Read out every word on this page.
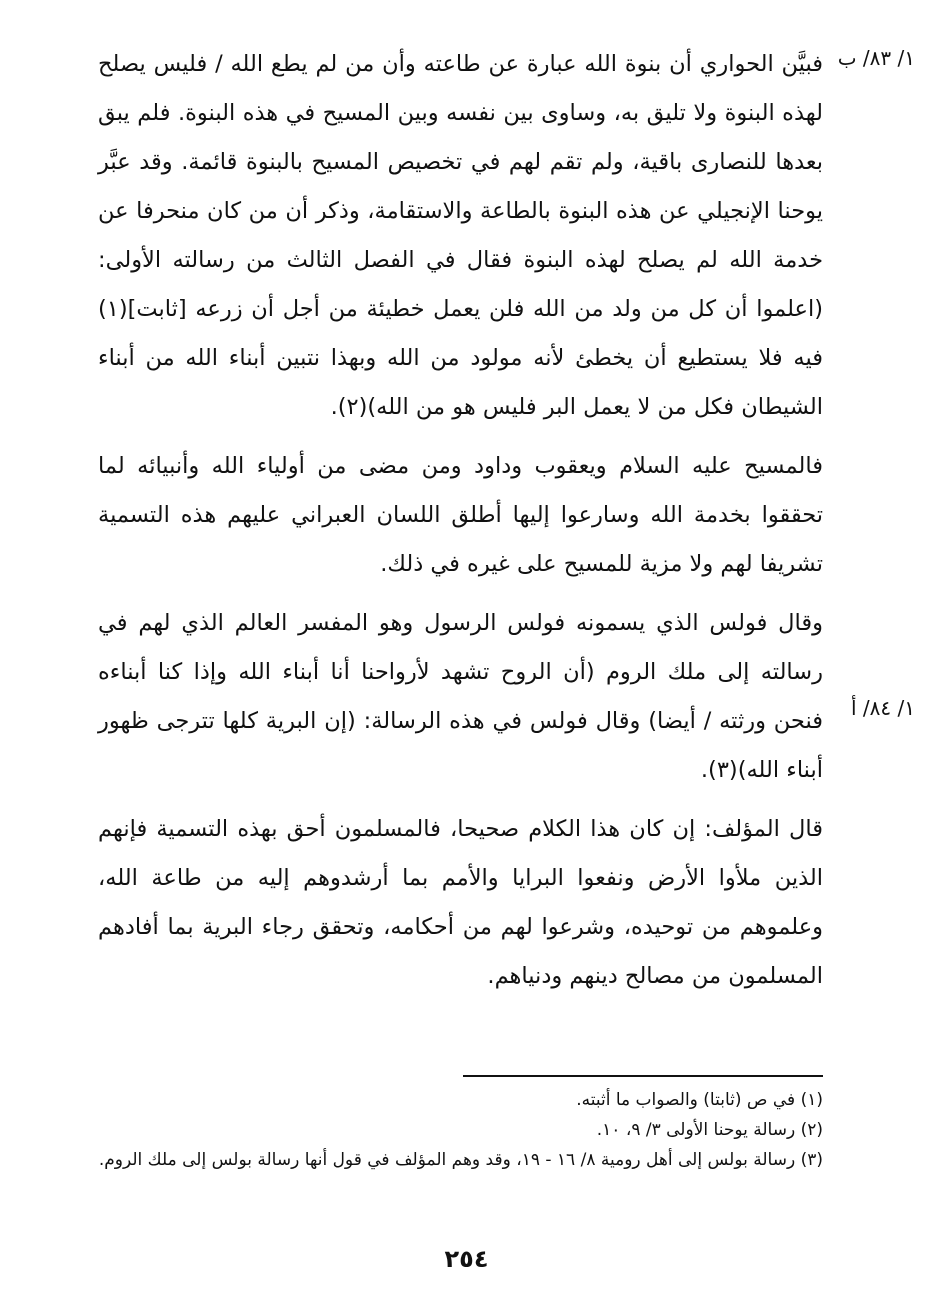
١/ ٨٣/ ب
١/ ٨٤/ أ

فبيَّن الحواري أن بنوة الله عبارة عن طاعته وأن من لم يطع الله / فليس يصلح لهذه البنوة ولا تليق به، وساوى بين نفسه وبين المسيح في هذه البنوة. فلم يبق بعدها للنصارى باقية، ولم تقم لهم في تخصيص المسيح بالبنوة قائمة. وقد عبَّر يوحنا الإنجيلي عن هذه البنوة بالطاعة والاستقامة، وذكر أن من كان منحرفا عن خدمة الله لم يصلح لهذه البنوة فقال في الفصل الثالث من رسالته الأولى: (اعلموا أن كل من ولد من الله فلن يعمل خطيئة من أجل أن زرعه [ثابت](١) فيه فلا يستطيع أن يخطئ لأنه مولود من الله وبهذا نتبين أبناء الله من أبناء الشيطان فكل من لا يعمل البر فليس هو من الله)(٢).

فالمسيح عليه السلام ويعقوب وداود ومن مضى من أولياء الله وأنبيائه لما تحققوا بخدمة الله وسارعوا إليها أطلق اللسان العبراني عليهم هذه التسمية تشريفا لهم ولا مزية للمسيح على غيره في ذلك.

وقال فولس الذي يسمونه فولس الرسول وهو المفسر العالم الذي لهم في رسالته إلى ملك الروم (أن الروح تشهد لأرواحنا أنا أبناء الله وإذا كنا أبناءه فنحن ورثته / أيضا) وقال فولس في هذه الرسالة: (إن البرية كلها تترجى ظهور أبناء الله)(٣).

قال المؤلف: إن كان هذا الكلام صحيحا، فالمسلمون أحق بهذه التسمية فإنهم الذين ملأوا الأرض ونفعوا البرايا والأمم بما أرشدوهم إليه من طاعة الله، وعلموهم من توحيده، وشرعوا لهم من أحكامه، وتحقق رجاء البرية بما أفادهم المسلمون من مصالح دينهم ودنياهم.

(١) في ص (ثابتا) والصواب ما أثبته.

(٢) رسالة يوحنا الأولى ٣/ ٩، ١٠.

(٣) رسالة بولس إلى أهل رومية ٨/ ١٦ - ١٩، وقد وهم المؤلف في قول أنها رسالة بولس إلى ملك الروم.

٢٥٤
